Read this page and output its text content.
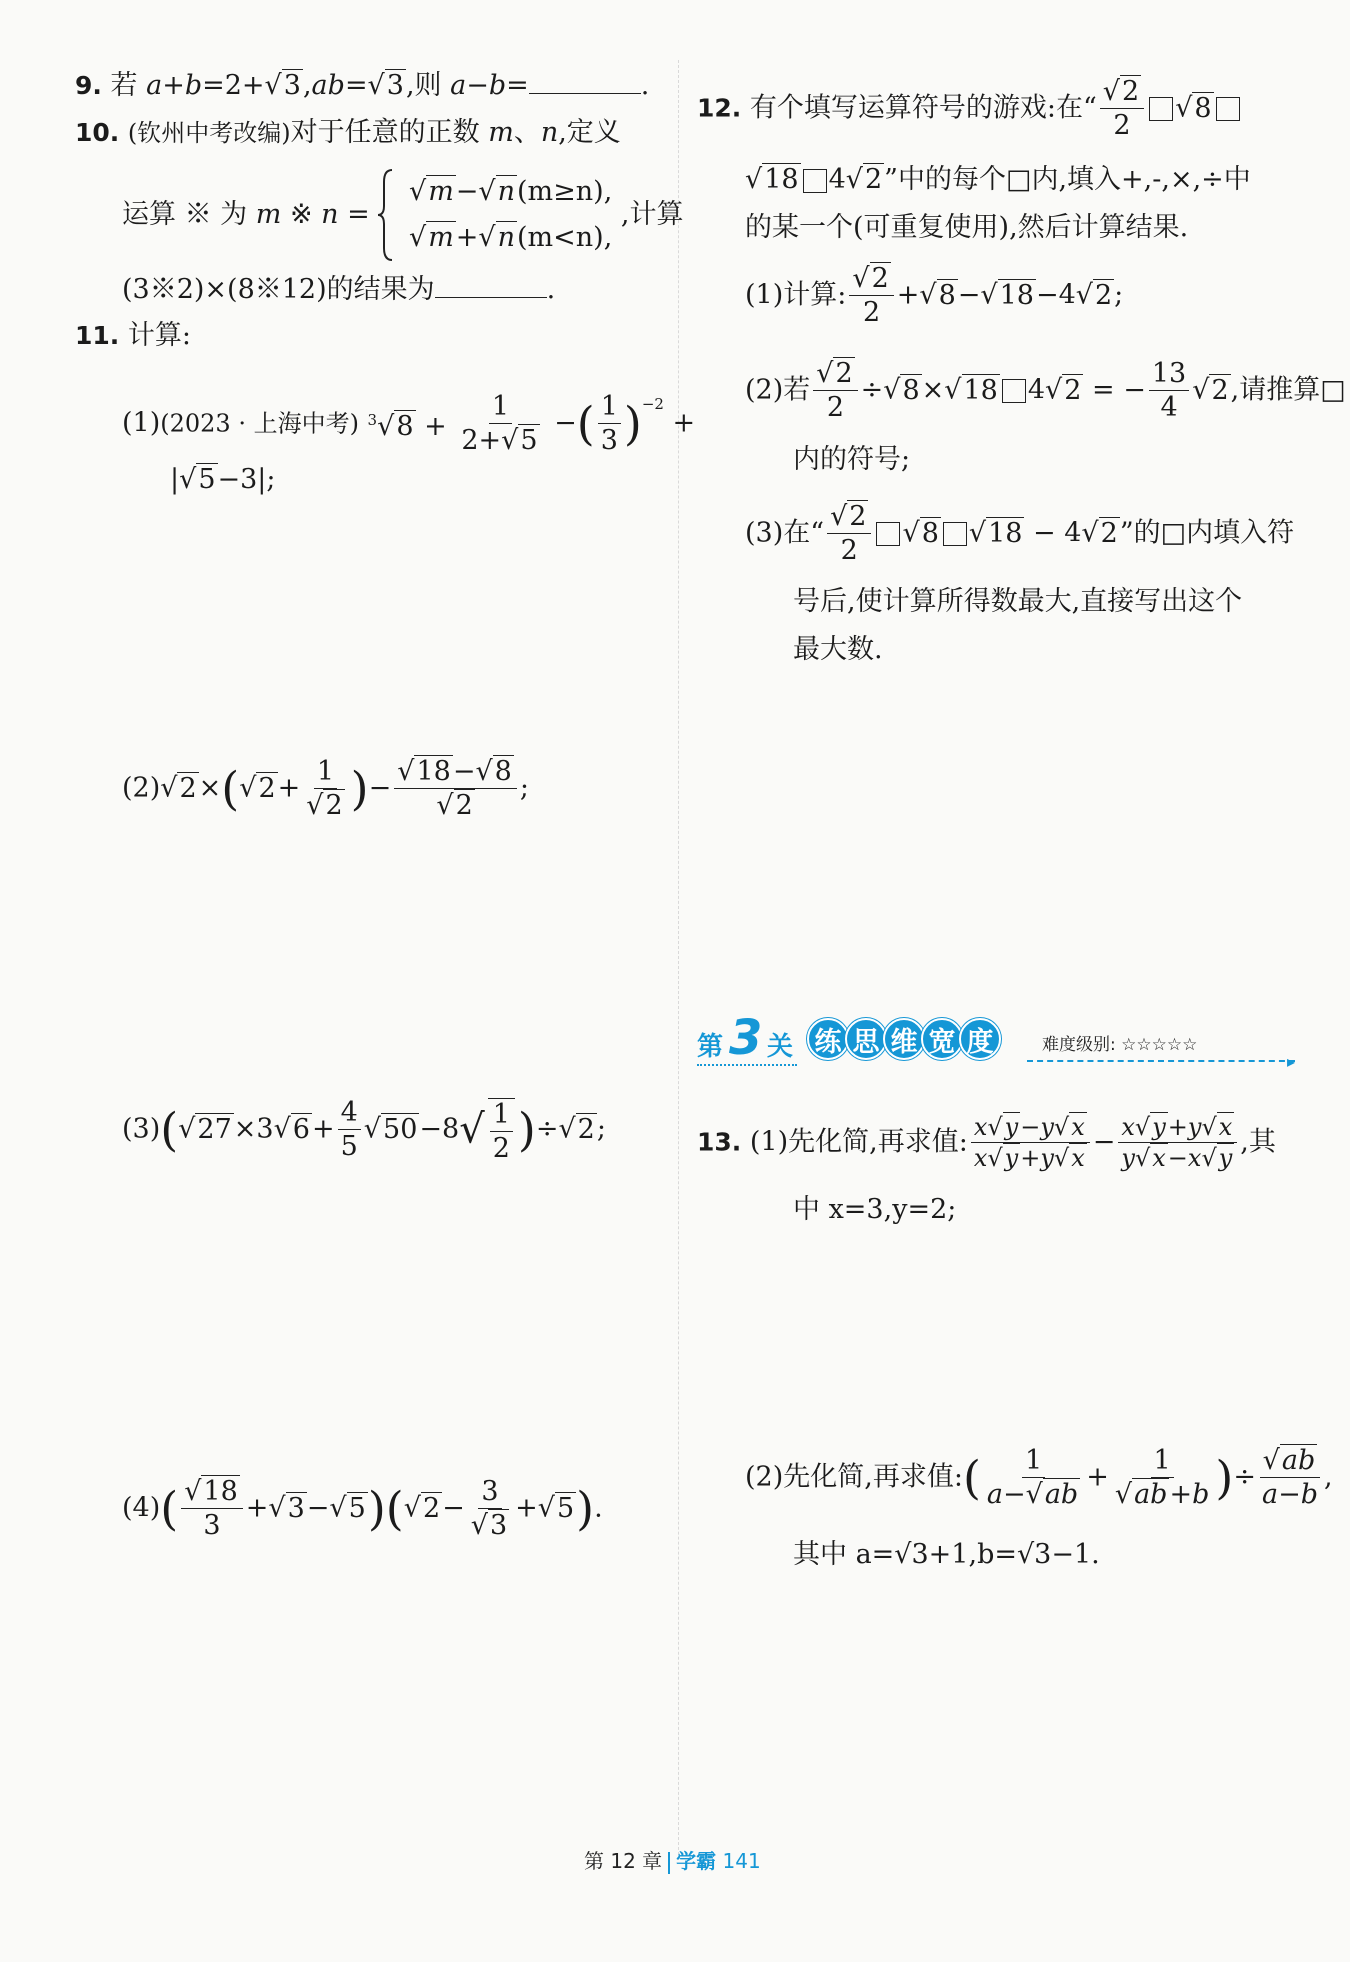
9. 若 a+b=2+√3,ab=√3,则 a−b=	.
10. (钦州中考改编)对于任意的正数 m、n,定义
运算 ※ 为 m ※ n =
√m−√n(m≥n),
√m+√n(m<n),
,计算
(3※2)×(8※12)的结果为	.
11. 计算:
(1)(2023 · 上海中考) $^3√8 + \frac{1}{2+√5}$ −( $\frac{1}{3} )^{-2}$ +
|√5−3|;
$(2)√2\times(√2+ \frac{1}{√2}$ )− $\frac{√18-√8}{√2}$ ;
$(3)(√27\times 3√6+ \frac{4}{5} √50-8√ \frac{1}{2} )\div√2$;
$(4)( \frac{√18}{3} +√3-√5)(√2- \frac{3}{√3} +√5)$.
12. 有个填写运算符号的游戏:在“ $\frac{√2}{2} √8$
√18 4√2”中的每个□内,填入+,-,×,÷中
的某一个(可重复使用),然后计算结果.
(1)计算: $\frac{√2}{2} +√8-√18-4√2$;
(2)若 $\frac{√2}{2} \div√8\times√18$ 4√2 = − $\frac{13}{4} √2$,请推算□
内的符号;
(3)在“ $\frac{√2}{2} √8$ √18 − 4√2”的□内填入符
号后,使计算所得数最大,直接写出这个
最大数.
第 3 关 练 思 维 宽 度	难度级别: ☆☆☆☆☆
▸
13. (1)先化简,再求值: $\frac{x√y-y√x}{x√y+y√x} - \frac{x√y+y√x}{y√x-x√y}$ ,其
中 x=3,y=2;
(2)先化简,再求值:( $\frac{1}{a-√ab} + \frac{1}{√ab+b}$ )÷ $\frac{√ab}{a-b}$ ,
其中 a=√3+1,b=√3−1.
第 12 章 学霸 141
